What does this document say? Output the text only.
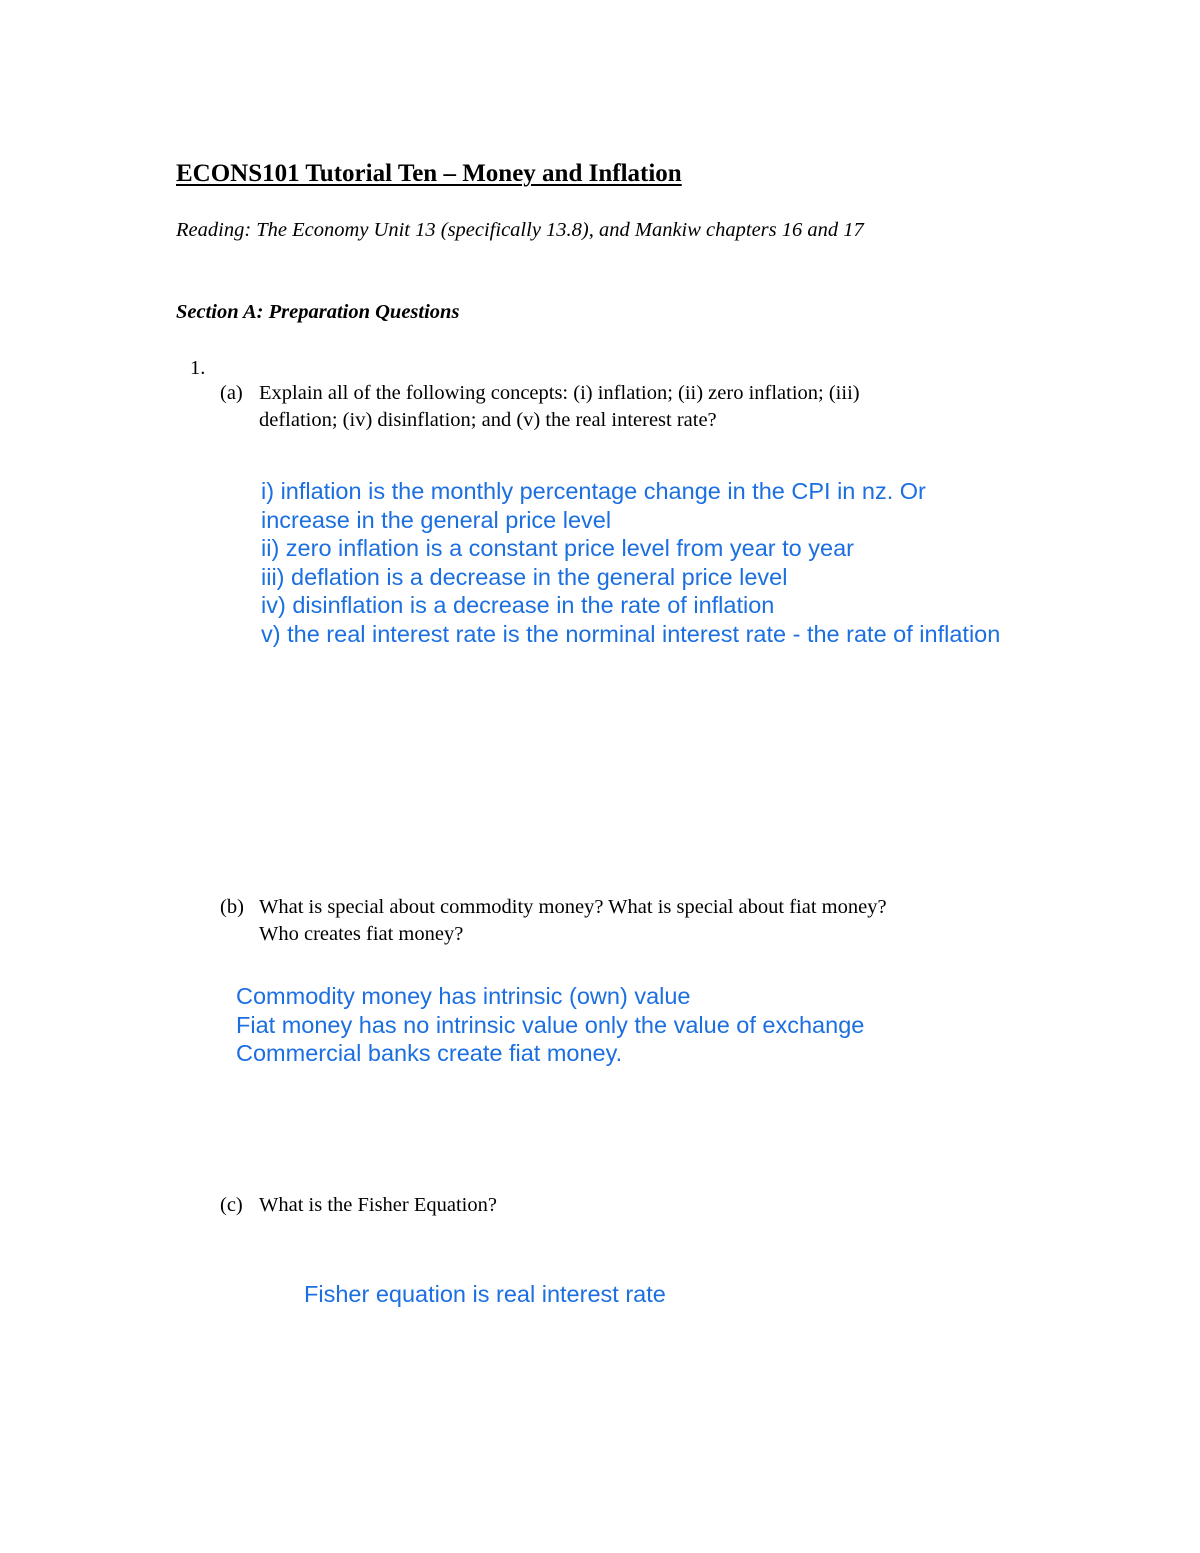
ECONS101 Tutorial Ten – Money and Inflation

Reading: The Economy Unit 13 (specifically 13.8), and Mankiw chapters 16 and 17

Section A: Preparation Questions

1.
(a) Explain all of the following concepts: (i) inflation; (ii) zero inflation; (iii)
deflation; (iv) disinflation; and (v) the real interest rate?
i) inflation is the monthly percentage change in the CPI in nz. Or
increase in the general price level
ii) zero inflation is a constant price level from year to year
iii) deflation is a decrease in the general price level
iv) disinflation is a decrease in the rate of inflation
v) the real interest rate is the norminal interest rate - the rate of inflation
(b) What is special about commodity money? What is special about fiat money?
Who creates fiat money?
Commodity money has intrinsic (own) value
Fiat money has no intrinsic value only the value of exchange
Commercial banks create fiat money.
(c) What is the Fisher Equation?
Fisher equation is real interest rate
